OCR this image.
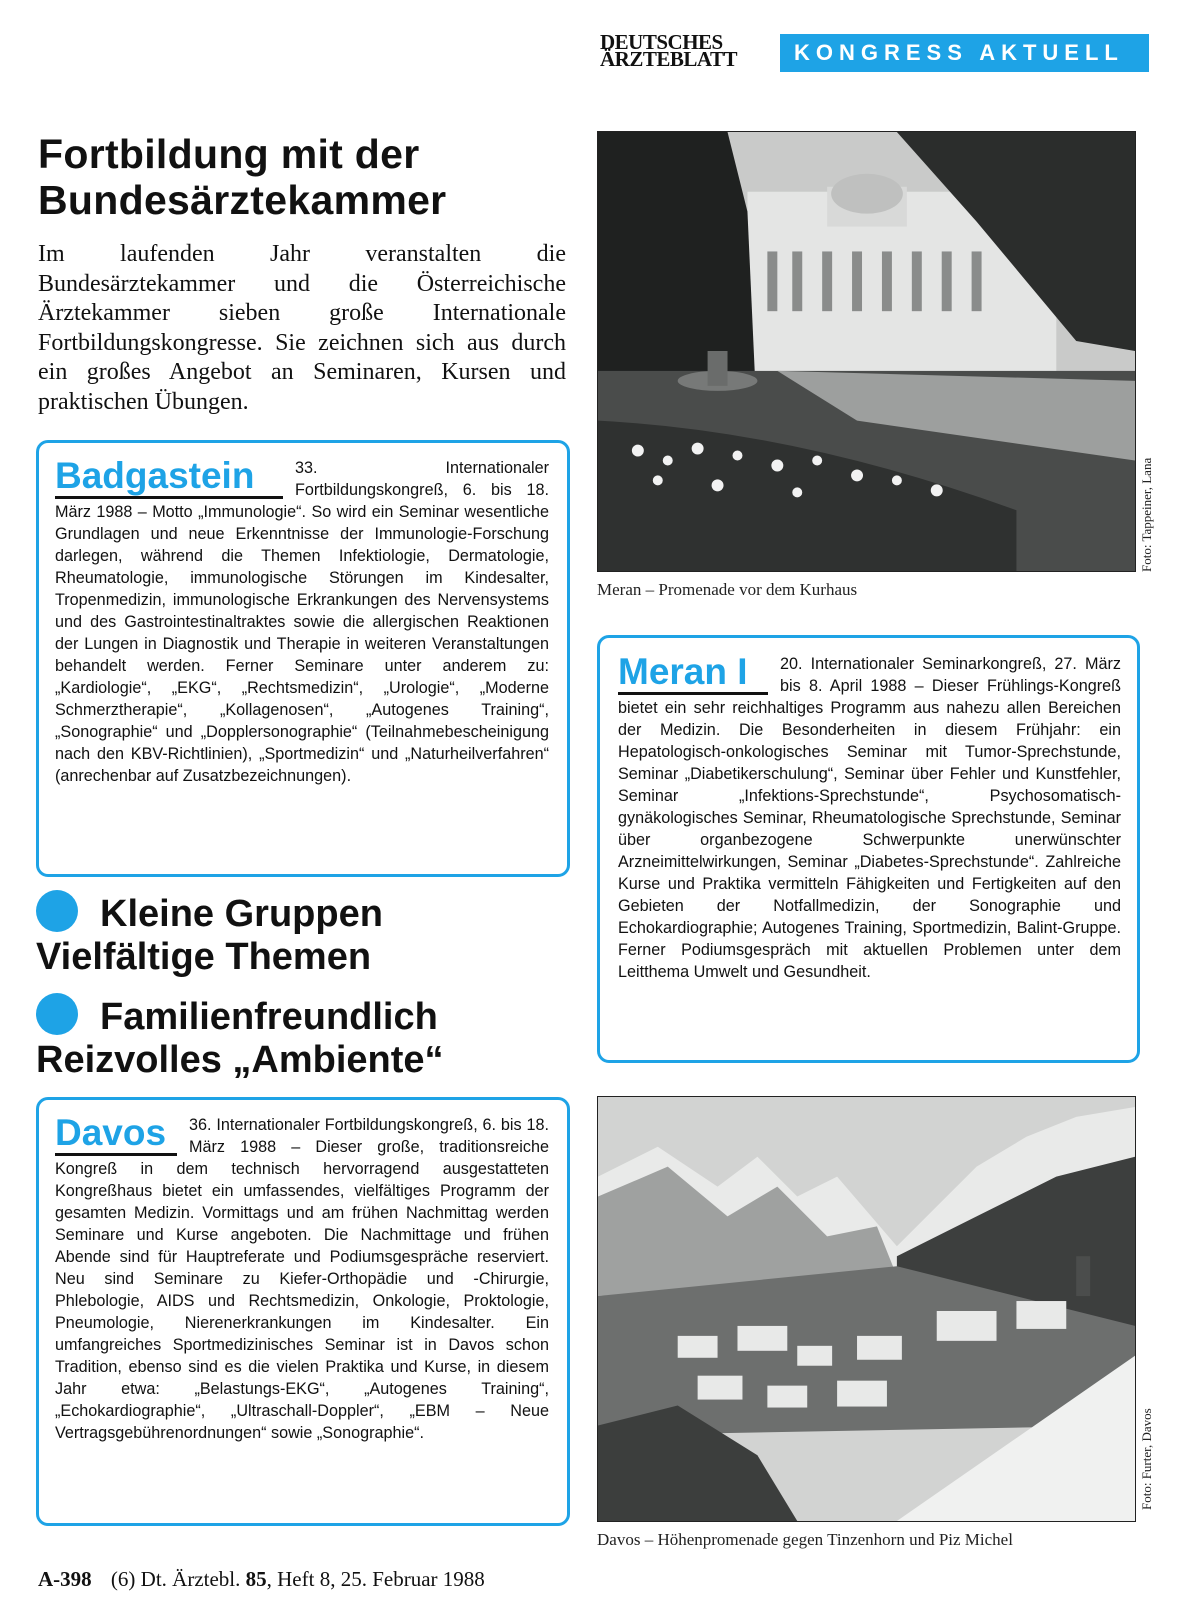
DEUTSCHES
ÄRZTEBLATT	KONGRESS AKTUELL
Fortbildung mit der
Bundesärztekammer

Im laufenden Jahr veranstalten die Bundesärztekammer und die Österreichische Ärztekammer sieben große Internationale Fortbildungskongresse. Sie zeichnen sich aus durch ein großes Angebot an Seminaren, Kursen und praktischen Übungen.

Badgastein	33. Internationaler Fortbildungskongreß, 6. bis 18. März 1988 – Motto „Immunologie“. So wird ein Seminar wesentliche Grundlagen und neue Erkenntnisse der Immunologie-Forschung darlegen, während die Themen Infektiologie, Dermatologie, Rheumatologie, immunologische Störungen im Kindesalter, Tropenmedizin, immunologische Erkrankungen des Nervensystems und des Gastrointestinaltraktes sowie die allergischen Reaktionen der Lungen in Diagnostik und Therapie in weiteren Veranstaltungen behandelt werden. Ferner Seminare unter anderem zu: „Kardiologie“, „EKG“, „Rechtsmedizin“, „Urologie“, „Moderne Schmerztherapie“, „Kollagenosen“, „Autogenes Training“, „Sonographie“ und „Dopplersonographie“ (Teilnahmebescheinigung nach den KBV-Richtlinien), „Sportmedizin“ und „Naturheilverfahren“ (anrechenbar auf Zusatzbezeichnungen).
Kleine Gruppen
Vielfältige Themen
Familienfreundlich
Reizvolles „Ambiente“
Davos	36. Internationaler Fortbildungskongreß, 6. bis 18. März 1988 – Dieser große, traditionsreiche Kongreß in dem technisch hervorragend ausgestatteten Kongreßhaus bietet ein umfassendes, vielfältiges Programm der gesamten Medizin. Vormittags und am frühen Nachmittag werden Seminare und Kurse angeboten. Die Nachmittage und frühen Abende sind für Hauptreferate und Podiumsgespräche reserviert. Neu sind Seminare zu Kiefer-Orthopädie und -Chirurgie, Phlebologie, AIDS und Rechtsmedizin, Onkologie, Proktologie, Pneumologie, Nierenerkrankungen im Kindesalter. Ein umfangreiches Sportmedizinisches Seminar ist in Davos schon Tradition, ebenso sind es die vielen Praktika und Kurse, in diesem Jahr etwa: „Belastungs-EKG“, „Autogenes Training“, „Echokardiographie“, „Ultraschall-Doppler“, „EBM – Neue Vertragsgebührenordnungen“ sowie „Sonographie“.
Foto: Tappeiner, Lana
Meran – Promenade vor dem Kurhaus
Meran I	20. Internationaler Seminarkongreß, 27. März bis 8. April 1988 – Dieser Frühlings-Kongreß bietet ein sehr reichhaltiges Programm aus nahezu allen Bereichen der Medizin. Die Besonderheiten in diesem Frühjahr: ein Hepatologisch-onkologisches Seminar mit Tumor-Sprechstunde, Seminar „Diabetikerschulung“, Seminar über Fehler und Kunstfehler, Seminar „Infektions-Sprechstunde“, Psychosomatisch-gynäkologisches Seminar, Rheumatologische Sprechstunde, Seminar über organbezogene Schwerpunkte unerwünschter Arzneimittelwirkungen, Seminar „Diabetes-Sprechstunde“. Zahlreiche Kurse und Praktika vermitteln Fähigkeiten und Fertigkeiten auf den Gebieten der Notfallmedizin, der Sonographie und Echokardiographie; Autogenes Training, Sportmedizin, Balint-Gruppe. Ferner Podiumsgespräch mit aktuellen Problemen unter dem Leitthema Umwelt und Gesundheit.
Foto: Furter, Davos
Davos – Höhenpromenade gegen Tinzenhorn und Piz Michel
A-398 (6) Dt. Ärztebl. 85, Heft 8, 25. Februar 1988
